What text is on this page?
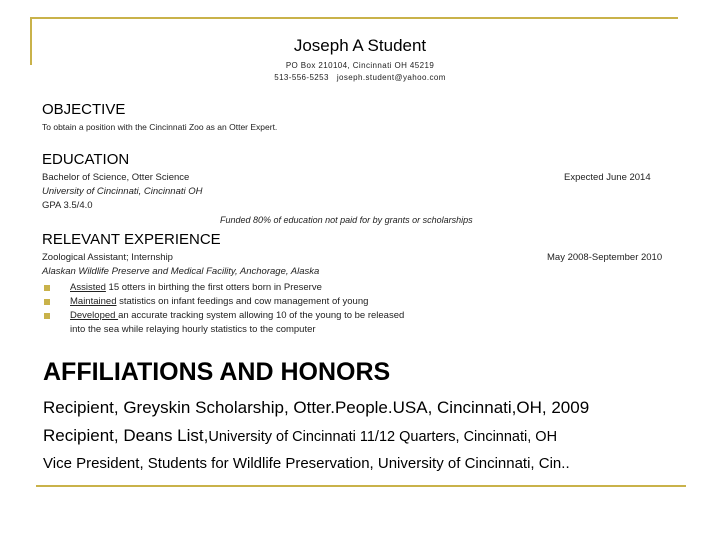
Joseph A Student
PO Box 210104, Cincinnati OH 45219
513-556-5253 joseph.student@yahoo.com
OBJECTIVE
To obtain a position with the Cincinnati Zoo as an Otter Expert.
EDUCATION
Bachelor of Science, Otter Science	Expected June 2014
University of Cincinnati, Cincinnati OH
GPA 3.5/4.0
Funded 80% of education not paid for by grants or scholarships
RELEVANT EXPERIENCE
Zoological Assistant; Internship	May 2008-September 2010
Alaskan Wildlife Preserve and Medical Facility, Anchorage, Alaska
Assisted 15 otters in birthing the first otters born in Preserve
Maintained statistics on infant feedings and cow management of young
Developed an accurate tracking system allowing 10 of the young to be released
into the sea while relaying hourly statistics to the computer
AFFILIATIONS AND HONORS
Recipient, Greyskin Scholarship, Otter.People.USA, Cincinnati,OH, 2009
Recipient, Deans List,University of Cincinnati 11/12 Quarters, Cincinnati, OH
Vice President, Students for Wildlife Preservation, University of Cincinnati, Cin..
